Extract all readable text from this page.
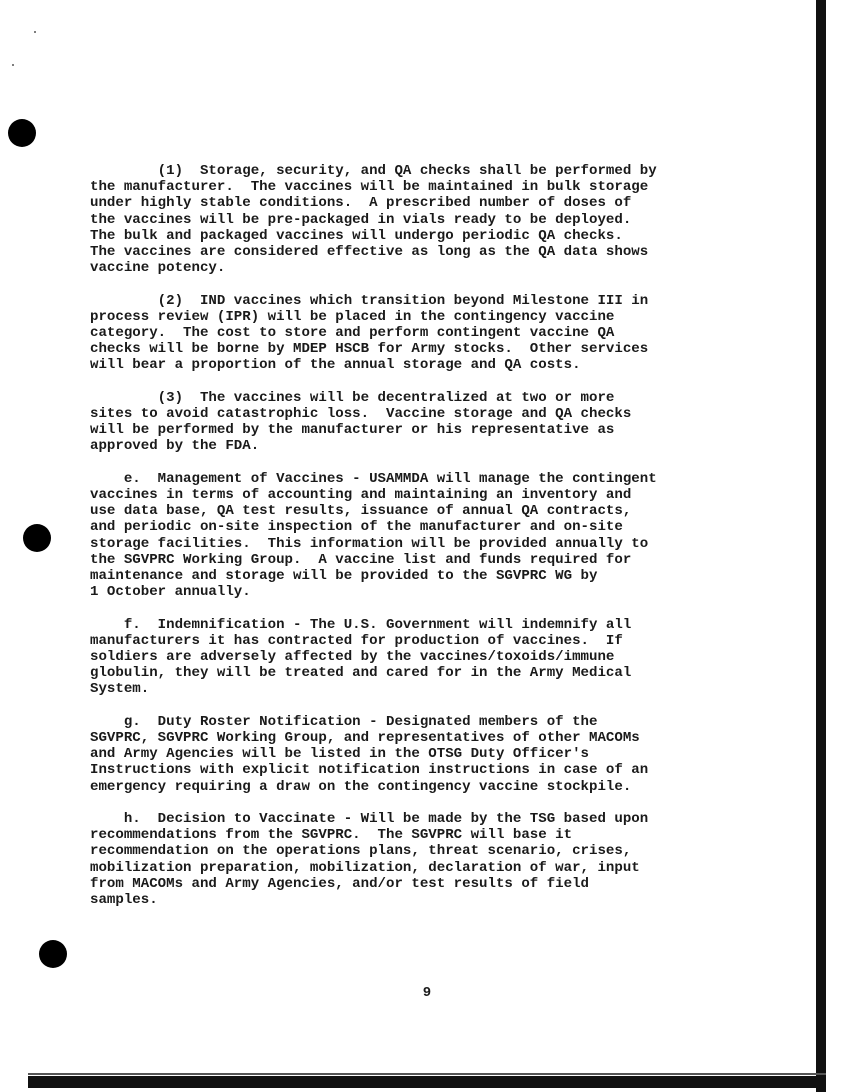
(1)  Storage, security, and QA checks shall be performed by
the manufacturer.  The vaccines will be maintained in bulk storage
under highly stable conditions.  A prescribed number of doses of
the vaccines will be pre-packaged in vials ready to be deployed.
The bulk and packaged vaccines will undergo periodic QA checks.
The vaccines are considered effective as long as the QA data shows
vaccine potency.
(2)  IND vaccines which transition beyond Milestone III in
process review (IPR) will be placed in the contingency vaccine
category.  The cost to store and perform contingent vaccine QA
checks will be borne by MDEP HSCB for Army stocks.  Other services
will bear a proportion of the annual storage and QA costs.
(3)  The vaccines will be decentralized at two or more
sites to avoid catastrophic loss.  Vaccine storage and QA checks
will be performed by the manufacturer or his representative as
approved by the FDA.
e.  Management of Vaccines - USAMMDA will manage the contingent
vaccines in terms of accounting and maintaining an inventory and
use data base, QA test results, issuance of annual QA contracts,
and periodic on-site inspection of the manufacturer and on-site
storage facilities.  This information will be provided annually to
the SGVPRC Working Group.  A vaccine list and funds required for
maintenance and storage will be provided to the SGVPRC WG by
1 October annually.
f.  Indemnification - The U.S. Government will indemnify all
manufacturers it has contracted for production of vaccines.  If
soldiers are adversely affected by the vaccines/toxoids/immune
globulin, they will be treated and cared for in the Army Medical
System.
g.  Duty Roster Notification - Designated members of the
SGVPRC, SGVPRC Working Group, and representatives of other MACOMs
and Army Agencies will be listed in the OTSG Duty Officer's
Instructions with explicit notification instructions in case of an
emergency requiring a draw on the contingency vaccine stockpile.
h.  Decision to Vaccinate - Will be made by the TSG based upon
recommendations from the SGVPRC.  The SGVPRC will base it
recommendation on the operations plans, threat scenario, crises,
mobilization preparation, mobilization, declaration of war, input
from MACOMs and Army Agencies, and/or test results of field
samples.
9
